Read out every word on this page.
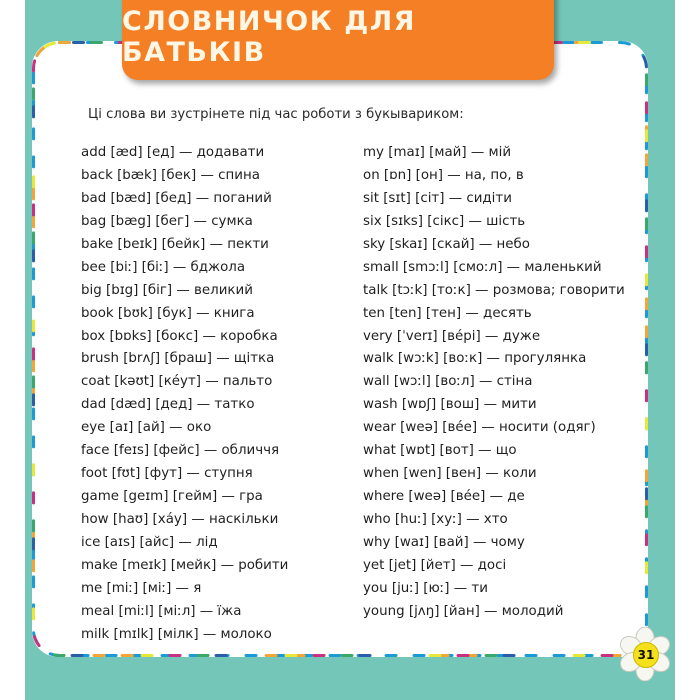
СЛОВНИЧОК ДЛЯ БАТЬКІВ
Ці слова ви зустрінете під час роботи з букывариком:
add [æd] [ед] — додавати
back [bæk] [бек] — спина
bad [bæd] [бед] — поганий
bag [bæg] [бег] — сумка
bake [beɪk] [бейк] — пекти
bee [biː] [біː] — бджола
big [bɪg] [біг] — великий
book [bʊk] [бук] — книга
box [bɒks] [бокс] — коробка
brush [brʌʃ] [браш] — щітка
coat [kəʊt] [ке́ут] — пальто
dad [dæd] [дед] — татко
eye [aɪ] [ай] — око
face [feɪs] [фейс] — обличчя
foot [fʊt] [фут] — ступня
game [geɪm] [гейм] — гра
how [haʊ] [ха́у] — наскільки
ice [aɪs] [айс] — лід
make [meɪk] [мейк] — робити
me [miː] [міː] — я
meal [miːl] [міːл] — їжа
milk [mɪlk] [мілк] — молоко
my [maɪ] [май] — мій
on [ɒn] [он] — на, по, в
sit [sɪt] [сіт] — сидіти
six [sɪks] [сікс] — шість
sky [skaɪ] [скай] — небо
small [smɔːl] [смоːл] — маленький
talk [tɔːk] [тоːк] — розмова; говорити
ten [ten] [тен] — десять
very [ˈverɪ] [ве́рі] — дуже
walk [wɔːk] [воːк] — прогулянка
wall [wɔːl] [воːл] — стіна
wash [wɒʃ] [вош] — мити
wear [weə] [ве́е] — носити (одяг)
what [wɒt] [вот] — що
when [wen] [вен] — коли
where [weə] [ве́е] — де
who [huː] [хуː] — хто
why [waɪ] [вай] — чому
yet [jet] [йет] — досі
you [juː] [юː] — ти
young [jʌŋ] [йан] — молодий
31
